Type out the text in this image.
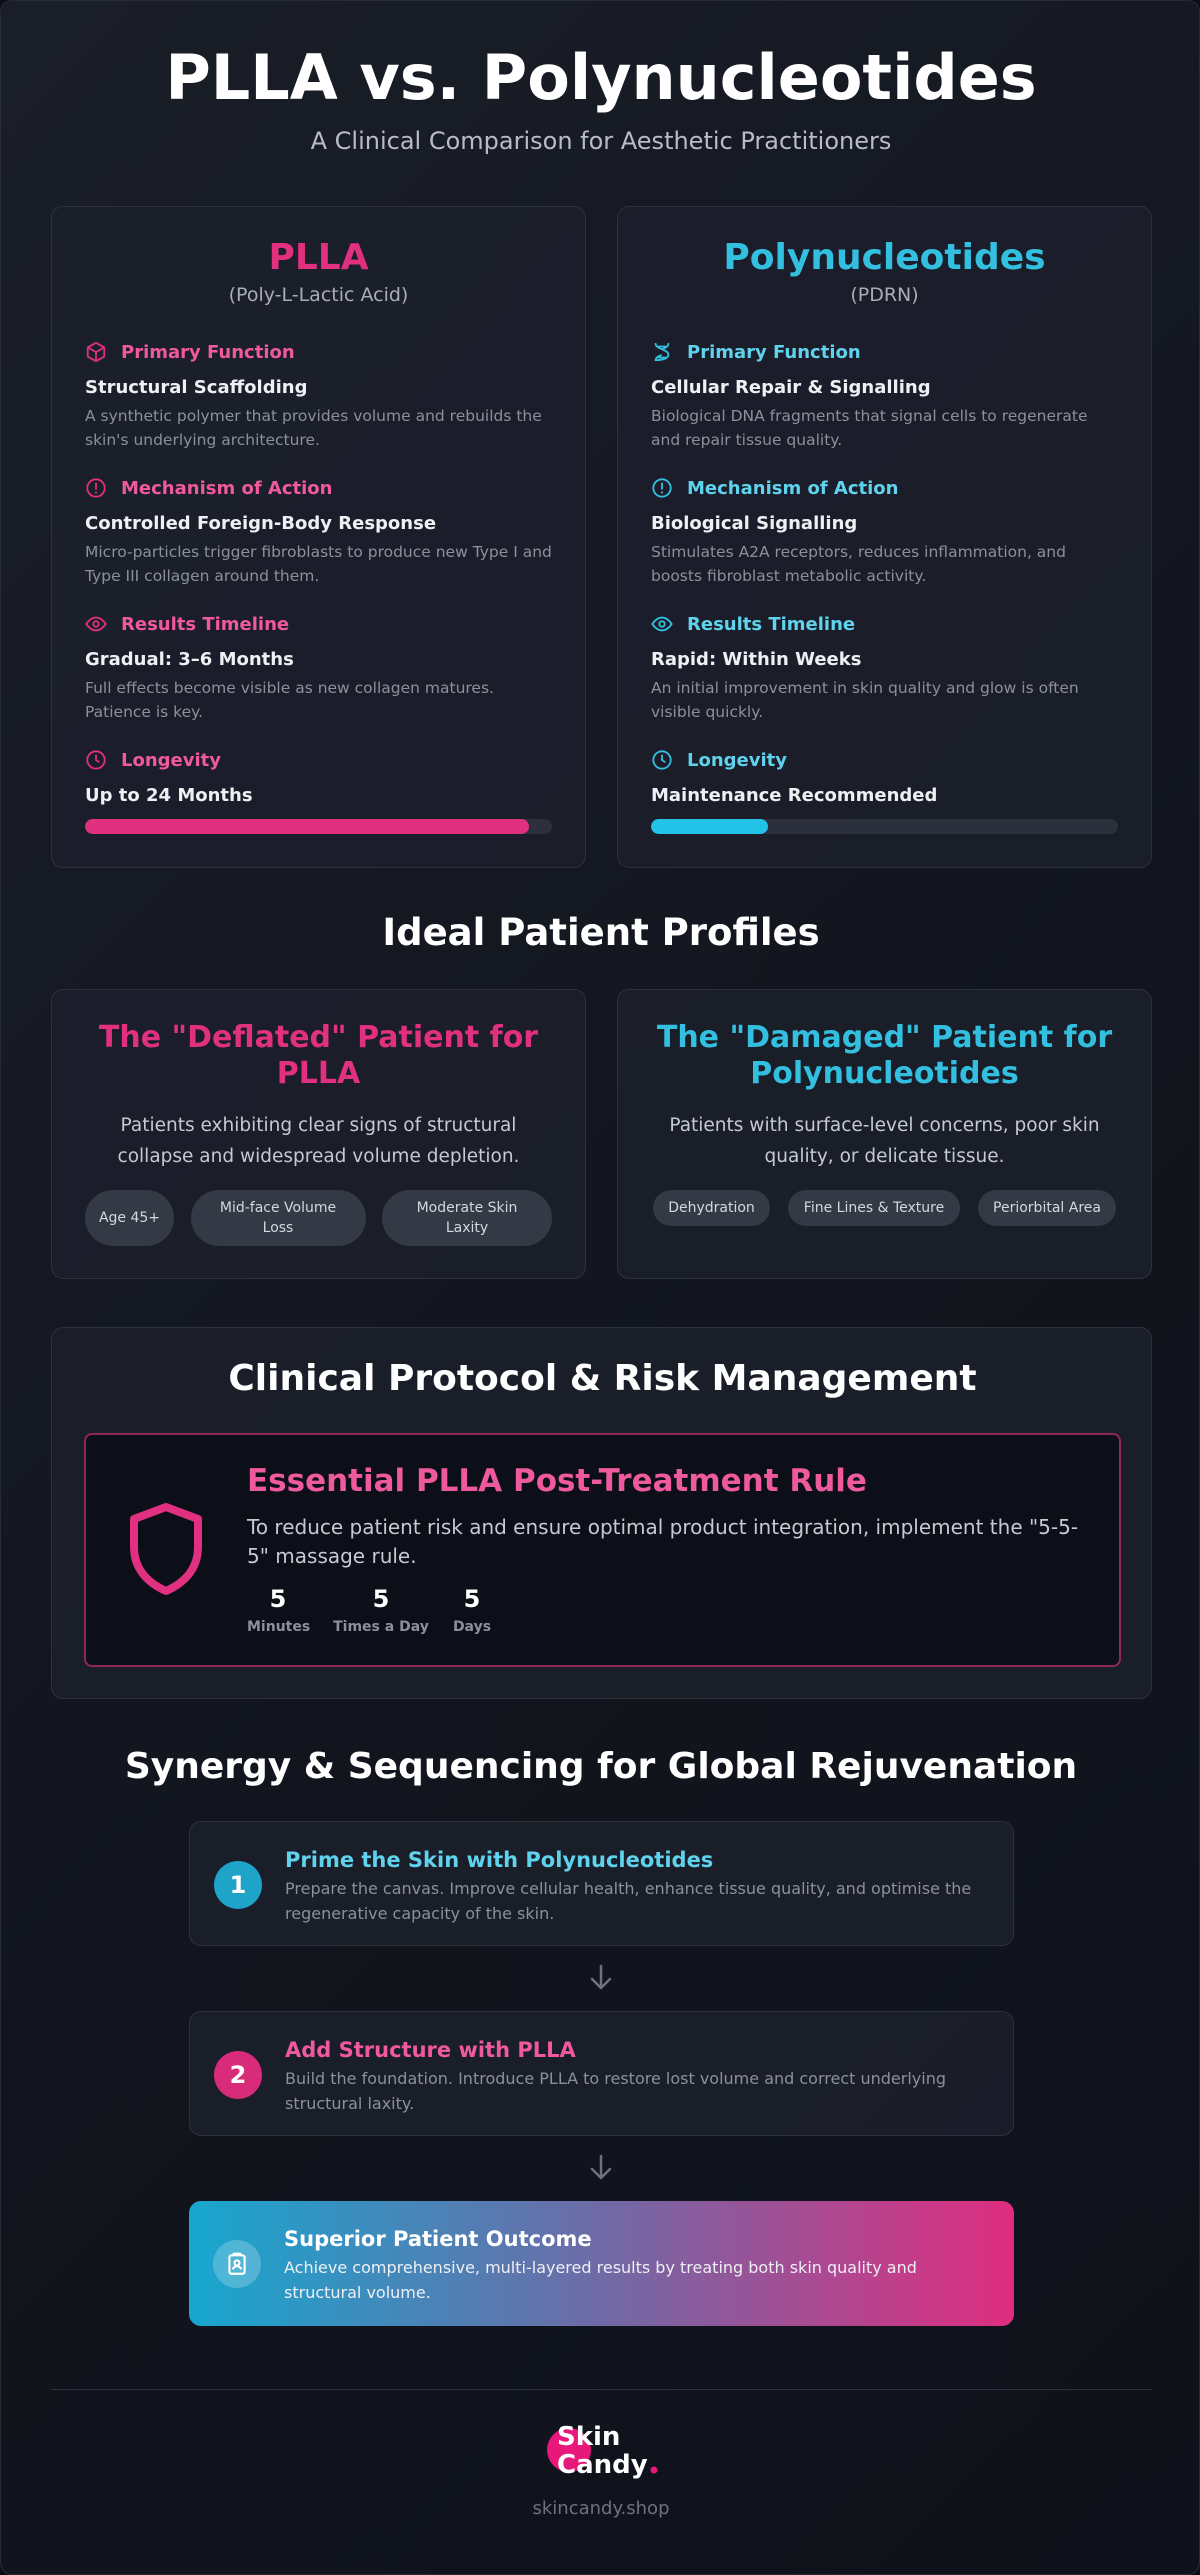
PLLA vs. Polynucleotides
A Clinical Comparison for Aesthetic Practitioners
PLLA
(Poly-L-Lactic Acid)
Primary Function
Structural Scaffolding
A synthetic polymer that provides volume and rebuilds the skin's underlying architecture.
Mechanism of Action
Controlled Foreign-Body Response
Micro-particles trigger fibroblasts to produce new Type I and Type III collagen around them.
Results Timeline
Gradual: 3–6 Months
Full effects become visible as new collagen matures. Patience is key.
Longevity
Up to 24 Months
Polynucleotides
(PDRN)
Primary Function
Cellular Repair & Signalling
Biological DNA fragments that signal cells to regenerate and repair tissue quality.
Mechanism of Action
Biological Signalling
Stimulates A2A receptors, reduces inflammation, and boosts fibroblast metabolic activity.
Results Timeline
Rapid: Within Weeks
An initial improvement in skin quality and glow is often visible quickly.
Longevity
Maintenance Recommended
Ideal Patient Profiles
The "Deflated" Patient for PLLA
Patients exhibiting clear signs of structural collapse and widespread volume depletion.
Age 45+
Mid-face Volume Loss
Moderate Skin Laxity
The "Damaged" Patient for Polynucleotides
Patients with surface-level concerns, poor skin quality, or delicate tissue.
Dehydration	Fine Lines & Texture	Periorbital Area
Clinical Protocol & Risk Management
Essential PLLA Post-Treatment Rule
To reduce patient risk and ensure optimal product integration, implement the "5-5-5" massage rule.
5
Minutes
5
Times a Day
5
Days
Synergy & Sequencing for Global Rejuvenation
1
Prime the Skin with Polynucleotides
Prepare the canvas. Improve cellular health, enhance tissue quality, and optimise the regenerative capacity of the skin.
2
Add Structure with PLLA
Build the foundation. Introduce PLLA to restore lost volume and correct underlying structural laxity.
Superior Patient Outcome
Achieve comprehensive, multi-layered results by treating both skin quality and structural volume.
Skin
Candy
skincandy.shop
